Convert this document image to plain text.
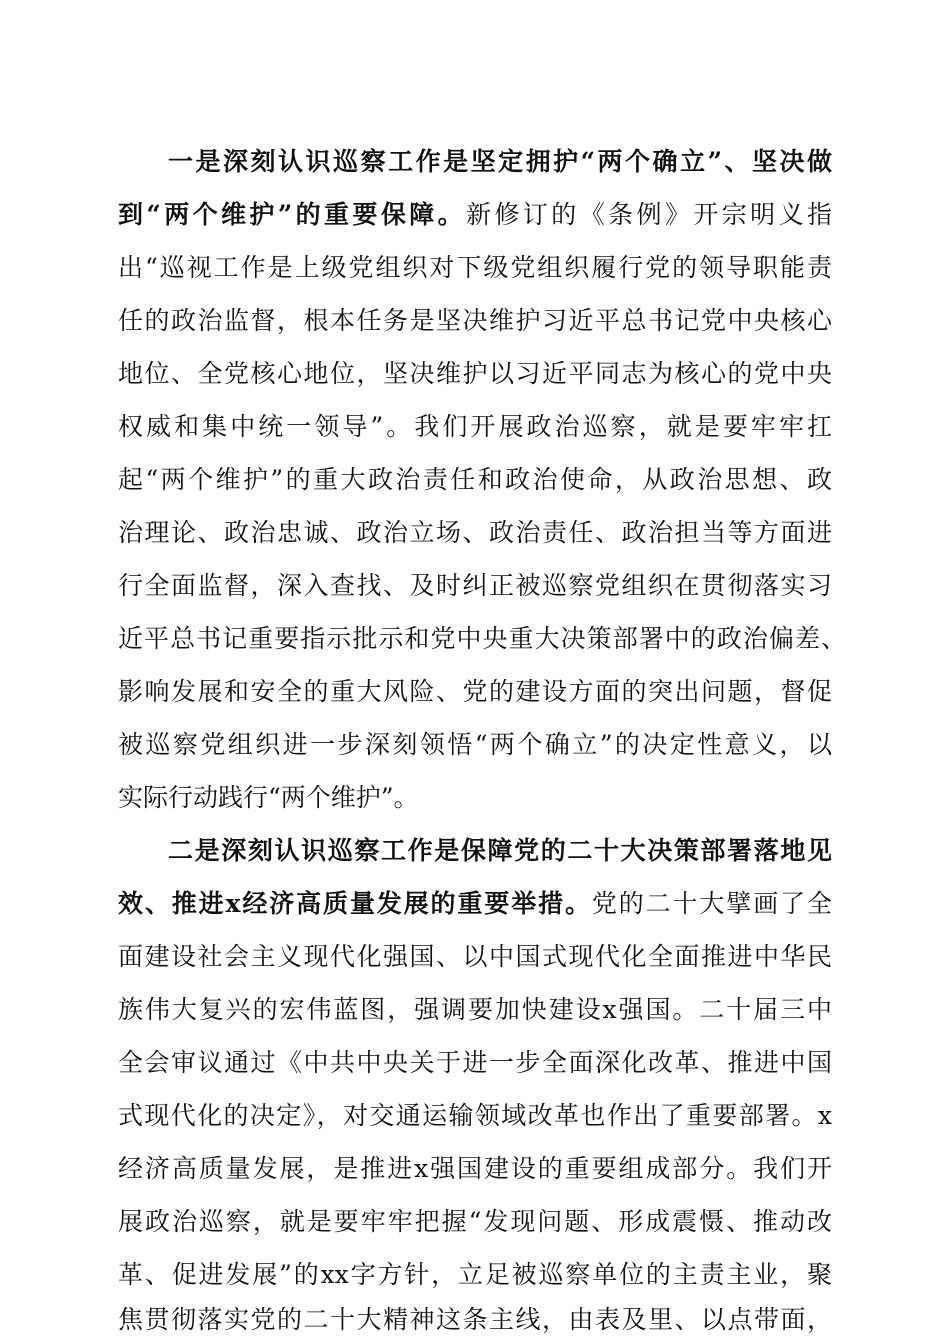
一是深刻认识巡察工作是坚定拥护“两个确立”、坚决做
到“两个维护”的重要保障。新修订的《条例》开宗明义指
出“巡视工作是上级党组织对下级党组织履行党的领导职能责
任的政治监督，根本任务是坚决维护习近平总书记党中央核心
地位、全党核心地位，坚决维护以习近平同志为核心的党中央
权威和集中统一领导”。我们开展政治巡察，就是要牢牢扛
起“两个维护”的重大政治责任和政治使命，从政治思想、政
治理论、政治忠诚、政治立场、政治责任、政治担当等方面进
行全面监督，深入查找、及时纠正被巡察党组织在贯彻落实习
近平总书记重要指示批示和党中央重大决策部署中的政治偏差、
影响发展和安全的重大风险、党的建设方面的突出问题，督促
被巡察党组织进一步深刻领悟“两个确立”的决定性意义，以
实际行动践行“两个维护”。
二是深刻认识巡察工作是保障党的二十大决策部署落地见
效、推进x经济高质量发展的重要举措。党的二十大擘画了全
面建设社会主义现代化强国、以中国式现代化全面推进中华民
族伟大复兴的宏伟蓝图，强调要加快建设x强国。二十届三中
全会审议通过《中共中央关于进一步全面深化改革、推进中国
式现代化的决定》，对交通运输领域改革也作出了重要部署。x
经济高质量发展，是推进x强国建设的重要组成部分。我们开
展政治巡察，就是要牢牢把握“发现问题、形成震慑、推动改
革、促进发展”的xx字方针，立足被巡察单位的主责主业，聚
焦贯彻落实党的二十大精神这条主线，由表及里、以点带面，
